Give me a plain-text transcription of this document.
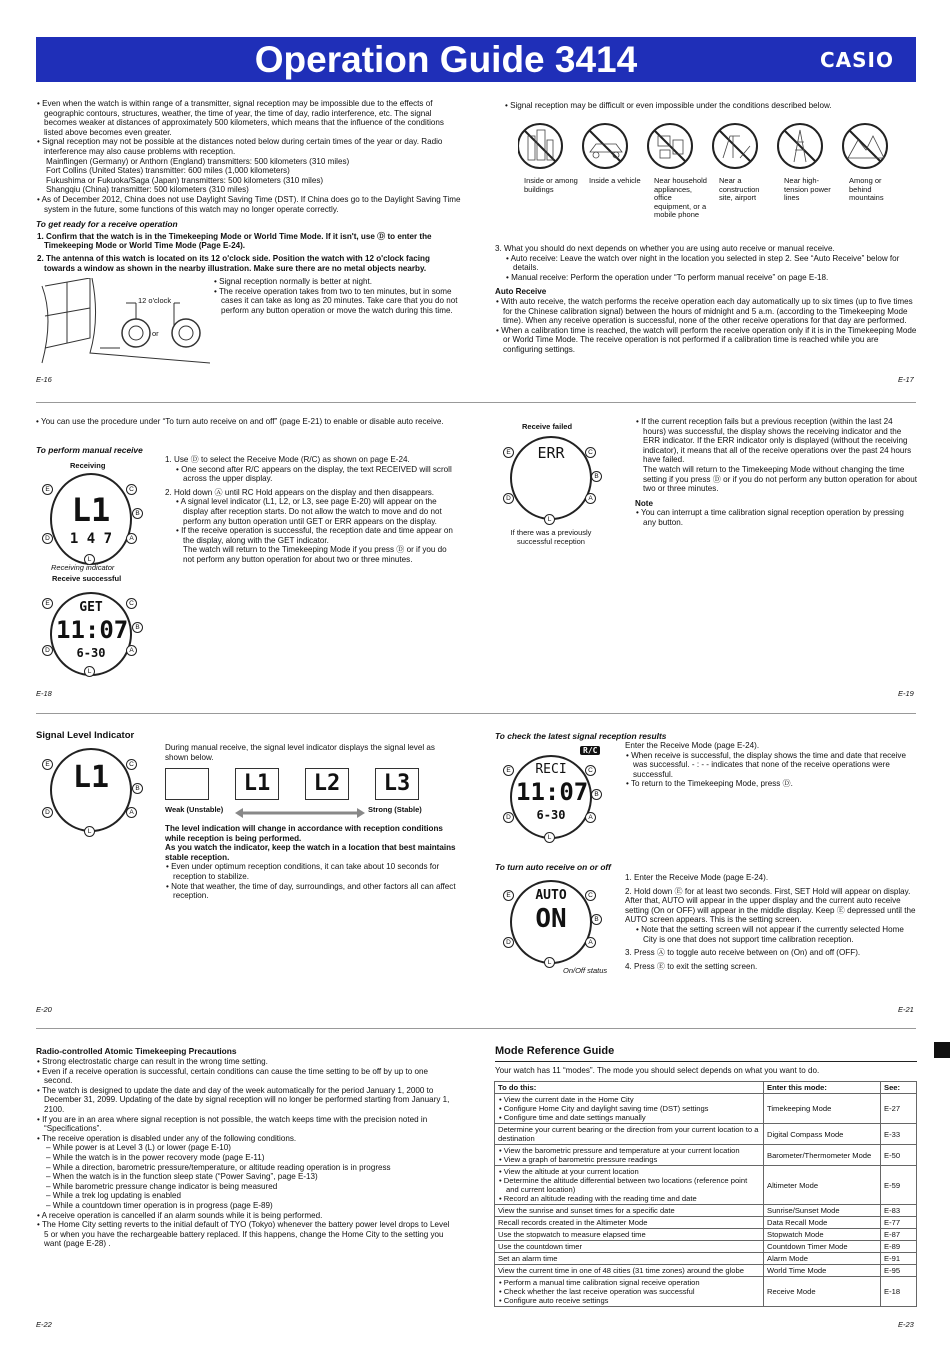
Operation Guide 3414	CASIO

• Even when the watch is within range of a transmitter, signal reception may be impossible due to the effects of geographic contours, structures, weather, the time of year, the time of day, radio interference, etc. The signal becomes weaker at distances of approximately 500 kilometers, which means that the influence of the conditions listed above becomes even greater.

• Signal reception may not be possible at the distances noted below during certain times of the year or day. Radio interference may also cause problems with reception.

Mainflingen (Germany) or Anthorn (England) transmitters: 500 kilometers (310 miles)

Fort Collins (United States) transmitter: 600 miles (1,000 kilometers)

Fukushima or Fukuoka/Saga (Japan) transmitters: 500 kilometers (310 miles)

Shangqiu (China) transmitter: 500 kilometers (310 miles)

• As of December 2012, China does not use Daylight Saving Time (DST). If China does go to the Daylight Saving Time system in the future, some functions of this watch may no longer operate correctly.

To get ready for a receive operation

1. Confirm that the watch is in the Timekeeping Mode or World Time Mode. If it isn't, use Ⓓ to enter the Timekeeping Mode or World Time Mode (Page E-24).

2. The antenna of this watch is located on its 12 o'clock side. Position the watch with 12 o'clock facing towards a window as shown in the nearby illustration. Make sure there are no metal objects nearby.

12 o'clock
or

• Signal reception normally is better at night.

• The receive operation takes from two to ten minutes, but in some cases it can take as long as 20 minutes. Take care that you do not perform any button operation or move the watch during this time.

E-16
• Signal reception may be difficult or even impossible under the conditions described below.
Inside or among buildings
Inside a vehicle	Near household appliances, office equipment, or a mobile phone
Near a construction site, airport
Near high-tension power lines
Among or behind mountains

3. What you should do next depends on whether you are using auto receive or manual receive.

• Auto receive: Leave the watch over night in the location you selected in step 2. See “Auto Receive” below for details.

• Manual receive: Perform the operation under “To perform manual receive” on page E-18.

Auto Receive

• With auto receive, the watch performs the receive operation each day automatically up to six times (up to five times for the Chinese calibration signal) between the hours of midnight and 5 a.m. (according to the Timekeeping Mode time). When any receive operation is successful, none of the other receive operations for that day are performed.

• When a calibration time is reached, the watch will perform the receive operation only if it is in the Timekeeping Mode or World Time Mode. The receive operation is not performed if a calibration time is reached while you are configuring settings.

E-17
• You can use the procedure under “To turn auto receive on and off” (page E-21) to enable or disable auto receive.
To perform manual receive
Receiving
L1
1 4 7
E
D
C
B
A
L
Receiving indicator
Receive successful
GET
11:07
6-30
E
D
C
B
A
L

1. Use Ⓓ to select the Receive Mode (R/C) as shown on page E-24.

• One second after R/C appears on the display, the text RECEIVED will scroll across the upper display.

2. Hold down Ⓐ until RC Hold appears on the display and then disappears.

• A signal level indicator (L1, L2, or L3, see page E-20) will appear on the display after reception starts. Do not allow the watch to move and do not perform any button operation until GET or ERR appears on the display.

• If the receive operation is successful, the reception date and time appear on the display, along with the GET indicator.

The watch will return to the Timekeeping Mode if you press Ⓓ or if you do not perform any button operation for about two or three minutes.

E-18
Receive failed
ERR
E
D
C
B
A
L
If there was a previously successful reception

• If the current reception fails but a previous reception (within the last 24 hours) was successful, the display shows the receiving indicator and the ERR indicator. If the ERR indicator only is displayed (without the receiving indicator), it means that all of the receive operations over the past 24 hours have failed.

The watch will return to the Timekeeping Mode without changing the time setting if you press Ⓓ or if you do not perform any button operation for about two or three minutes.

Note

• You can interrupt a time calibration signal reception operation by pressing any button.

E-19
Signal Level Indicator
L1
E
D
C
B
A
L
During manual receive, the signal level indicator displays the signal level as shown below.
L1	L2	L3
Weak (Unstable)	Strong (Stable)

The level indication will change in accordance with reception conditions while reception is being performed.

As you watch the indicator, keep the watch in a location that best maintains stable reception.

• Even under optimum reception conditions, it can take about 10 seconds for reception to stabilize.

• Note that weather, the time of day, surroundings, and other factors all can affect reception.

E-20
To check the latest signal reception results
R/C
RECI
11:07
6-30
E
D
C
B
A
L

Enter the Receive Mode (page E-24).

• When receive is successful, the display shows the time and date that receive was successful. - : - - indicates that none of the receive operations were successful.

• To return to the Timekeeping Mode, press Ⓓ.

To turn auto receive on or off
AUTO
ON
E
D
C
B
A
L
On/Off status

1. Enter the Receive Mode (page E-24).

2. Hold down Ⓔ for at least two seconds. First, SET Hold will appear on display. After that, AUTO will appear in the upper display and the current auto receive setting (On or OFF) will appear in the middle display. Keep Ⓔ depressed until the AUTO screen appears. This is the setting screen.

• Note that the setting screen will not appear if the currently selected Home City is one that does not support time calibration reception.

3. Press Ⓐ to toggle auto receive between on (On) and off (OFF).

4. Press Ⓔ to exit the setting screen.

E-21
Radio-controlled Atomic Timekeeping Precautions

• Strong electrostatic charge can result in the wrong time setting.

• Even if a receive operation is successful, certain conditions can cause the time setting to be off by up to one second.

• The watch is designed to update the date and day of the week automatically for the period January 1, 2000 to December 31, 2099. Updating of the date by signal reception will no longer be performed starting from January 1, 2100.

• If you are in an area where signal reception is not possible, the watch keeps time with the precision noted in “Specifications”.

• The receive operation is disabled under any of the following conditions.

– While power is at Level 3 (L) or lower (page E-10)

– While the watch is in the power recovery mode (page E-11)

– While a direction, barometric pressure/temperature, or altitude reading operation is in progress

– When the watch is in the function sleep state (“Power Saving”, page E-13)

– While barometric pressure change indicator is being measured

– While a trek log updating is enabled

– While a countdown timer operation is in progress (page E-89)

• A receive operation is cancelled if an alarm sounds while it is being performed.

• The Home City setting reverts to the initial default of TYO (Tokyo) whenever the battery power level drops to Level 5 or when you have the rechargeable battery replaced. If this happens, change the Home City to the setting you want (page E-28) .

E-22
Mode Reference Guide
Your watch has 11 “modes”. The mode you should select depends on what you want to do.
To do this:	Enter this mode:	See:

• View the current date in the Home City
• Configure Home City and daylight saving time (DST) settings
• Configure time and date settings manually	Timekeeping Mode	E-27

Determine your current bearing or the direction from your current location to a destination	Digital Compass Mode	E-33

• View the barometric pressure and temperature at your current location
• View a graph of barometric pressure readings	Barometer/Thermometer Mode	E-50

• View the altitude at your current location
• Determine the altitude differential between two locations (reference point and current location)
• Record an altitude reading with the reading time and date	Altimeter Mode	E-59

View the sunrise and sunset times for a specific date	Sunrise/Sunset Mode	E-83

Recall records created in the Altimeter Mode	Data Recall Mode	E-77

Use the stopwatch to measure elapsed time	Stopwatch Mode	E-87

Use the countdown timer	Countdown Timer Mode	E-89

Set an alarm time	Alarm Mode	E-91

View the current time in one of 48 cities (31 time zones) around the globe	World Time Mode	E-95

• Perform a manual time calibration signal receive operation
• Check whether the last receive operation was successful
• Configure auto receive settings	Receive Mode	E-18
E-23
